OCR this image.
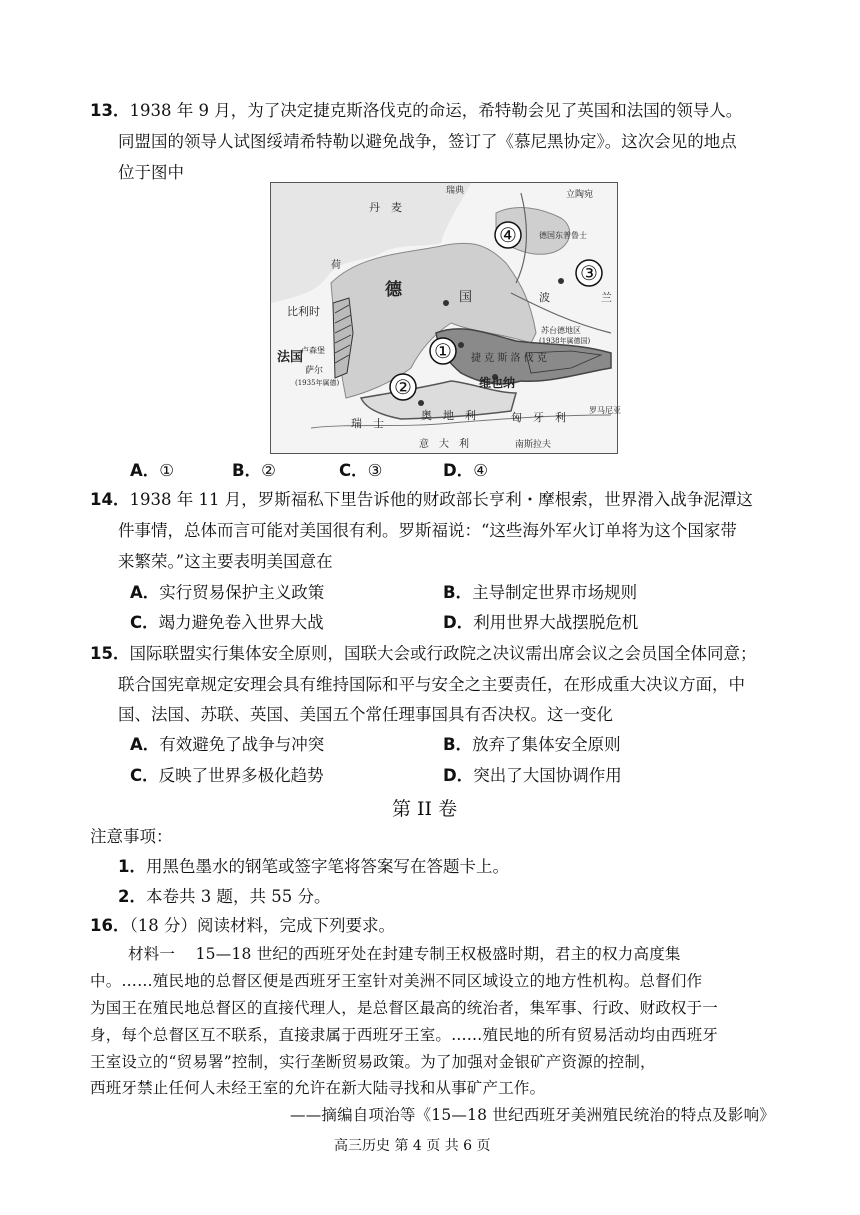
13．1938 年 9 月，为了决定捷克斯洛伐克的命运，希特勒会见了英国和法国的领导人。
同盟国的领导人试图绥靖希特勒以避免战争，签订了《慕尼黑协定》。这次会见的地点
位于图中
丹　麦
瑞典	立陶宛
德国东普鲁士
荷
比利时
德	国	波	兰
法国
萨尔
(1935年属德)
卢森堡
苏台德地区
(1938年属德国)
捷 克 斯 洛 伐 克
维也纳
奥　地　利	匈　牙　利
瑞　士
意　大　利	南斯拉夫
罗马尼亚
①
②
③
④
A．①	B．②	C．③	D．④
14．1938 年 11 月，罗斯福私下里告诉他的财政部长亨利・摩根索，世界滑入战争泥潭这
件事情，总体而言可能对美国很有利。罗斯福说：“这些海外军火订单将为这个国家带
来繁荣。”这主要表明美国意在
A．实行贸易保护主义政策	B．主导制定世界市场规则
C．竭力避免卷入世界大战	D．利用世界大战摆脱危机
15．国际联盟实行集体安全原则，国联大会或行政院之决议需出席会议之会员国全体同意；
联合国宪章规定安理会具有维持国际和平与安全之主要责任，在形成重大决议方面，中
国、法国、苏联、英国、美国五个常任理事国具有否决权。这一变化
A．有效避免了战争与冲突	B．放弃了集体安全原则
C．反映了世界多极化趋势	D．突出了大国协调作用
第 II 卷
注意事项：
1．用黑色墨水的钢笔或签字笔将答案写在答题卡上。
2．本卷共 3 题，共 55 分。
16．（18 分）阅读材料，完成下列要求。
材料一 15—18 世纪的西班牙处在封建专制王权极盛时期，君主的权力高度集
中。……殖民地的总督区便是西班牙王室针对美洲不同区域设立的地方性机构。总督们作
为国王在殖民地总督区的直接代理人，是总督区最高的统治者，集军事、行政、财政权于一
身，每个总督区互不联系，直接隶属于西班牙王室。……殖民地的所有贸易活动均由西班牙
王室设立的“贸易署”控制，实行垄断贸易政策。为了加强对金银矿产资源的控制，
西班牙禁止任何人未经王室的允许在新大陆寻找和从事矿产工作。
——摘编自项治等《15—18 世纪西班牙美洲殖民统治的特点及影响》
高三历史 第 4 页 共 6 页
